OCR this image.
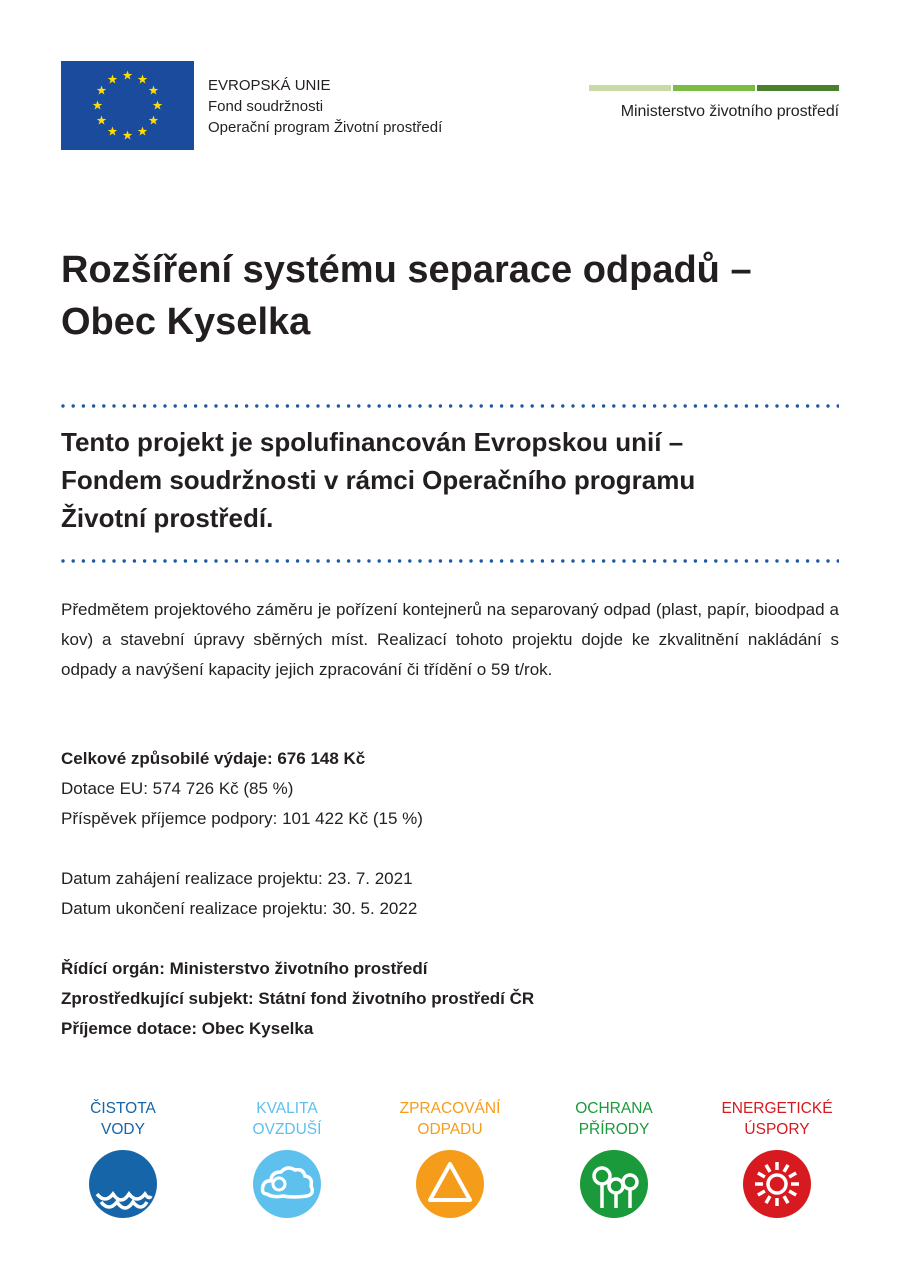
EVROPSKÁ UNIE
Fond soudržnosti
Operační program Životní prostředí
Ministerstvo životního prostředí
Rozšíření systému separace odpadů –
Obec Kyselka
Tento projekt je spolufinancován Evropskou unií –
Fondem soudržnosti v rámci Operačního programu
Životní prostředí.

Předmětem projektového záměru je pořízení kontejnerů na separovaný odpad (plast, papír, bioodpad a kov) a stavební úpravy sběrných míst. Realizací tohoto projektu dojde ke zkvalitnění nakládání s odpady a navýšení kapacity jejich zpracování či třídění o 59 t/rok.

Celkové způsobilé výdaje: 676 148 Kč
Dotace EU: 574 726 Kč (85 %)
Příspěvek příjemce podpory: 101 422 Kč (15 %)
Datum zahájení realizace projektu: 23. 7. 2021
Datum ukončení realizace projektu: 30. 5. 2022
Řídící orgán: Ministerstvo životního prostředí
Zprostředkující subjekt: Státní fond životního prostředí ČR
Příjemce dotace: Obec Kyselka
ČISTOTA
VODY
KVALITA
OVZDUŠÍ
ZPRACOVÁNÍ
ODPADU
OCHRANA
PŘÍRODY
ENERGETICKÉ
ÚSPORY
